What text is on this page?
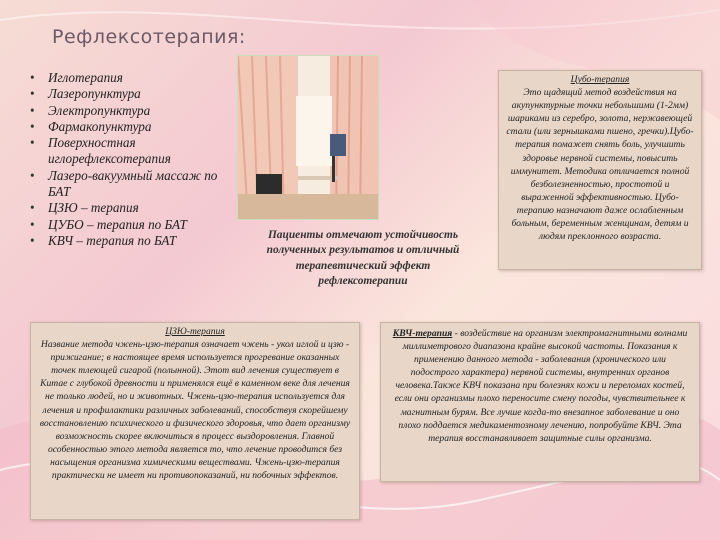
Рефлексотерапия:
• Иглотерапия
• Лазеропунктура
• Электропунктура
• Фармакопунктура
• Поверхностная иглорефлексотерапия
• Лазеро-вакуумный массаж по БАТ
• ЦЗЮ – терапия
• ЦУБО – терапия по БАТ
• КВЧ – терапия по БАТ	Пациенты отмечают устойчивость полученных результатов и отличный терапевтический эффект рефлексотерапии

Цубо-терапия

Это щадящий метод воздействия на акупунктурные точки небольшими (1-2мм) шариками из серебро, золота, нержавеющей стали (или зернышками пшено, гречки).Цубо-терапия помажет снять боль, улучшить здоровье нервной системы, повысить иммунитет. Методика отличается полной безболезненностью, простотой и выраженной эффективностью. Цубо-терапию назначают даже ослабленным больным, беременным женщинам, детям и людям преклонного возраста.

ЦЗЮ-терапия

Название метода чжень-цзю-терапия означает чжень - укол иглой и цзю - прижигание; в настоящее время используется прогревание оказанных точек тлеющей сигарой (полынной). Этот вид лечения существует в Китае с глубокой древности и применялся ещё в каменном веке для лечения не только людей, но и животных. Чжень-цзю-терапия используется для лечения и профилактики различных заболеваний, способствуя скорейшему восстановлению психического и физического здоровья, что дает организму возможность скорее включиться в процесс выздоровления. Главной особенностью этого метода является то, что лечение проводится без насыщения организма химическими веществами. Чжень-цзю-терапия практически не имеет ни противопоказаний, ни побочных эффектов.

КВЧ-терапия - воздействие на организм электромагнитными волнами миллиметрового диапазона крайне высокой частоты. Показания к применению данного метода - заболевания (хронического или подострого характера) нервной системы, внутренних органов человека.Также КВЧ показана при болезнях кожи и переломах костей, если они организмы плохо переносите смену погоды, чувствительнее к магнитным бурям. Все лучше когда-то внезапное заболевание и оно плохо поддается медикаментозному лечению, попробуйте КВЧ. Эта терапия восстанавливает защитные силы организма.
